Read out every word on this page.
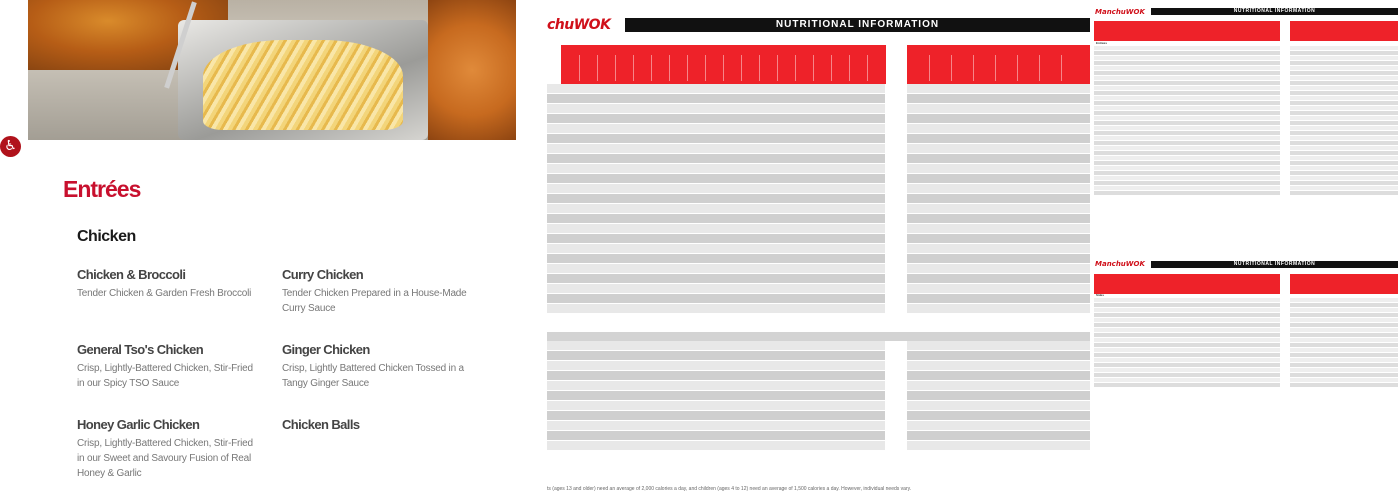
♿
Entrées
Chicken
Chicken & Broccoli
Tender Chicken & Garden Fresh Broccoli
Curry Chicken
Tender Chicken Prepared in a House-Made Curry Sauce
General Tso's Chicken
Crisp, Lightly-Battered Chicken, Stir-Fried in our Spicy TSO Sauce
Ginger Chicken
Crisp, Lightly Battered Chicken Tossed in a Tangy Ginger Sauce
Honey Garlic Chicken
Crisp, Lightly-Battered Chicken, Stir-Fried in our Sweet and Savoury Fusion of Real Honey & Garlic
Chicken Balls
chuWOK	NUTRITIONAL INFORMATION
ts (ages 13 and older) need an average of 2,000 calories a day, and children (ages 4 to 12) need an average of 1,500 calories a day. However, individual needs vary.
ManchuWOK	NUTRITIONAL INFORMATION
Entrées
ManchuWOK	NUTRITIONAL INFORMATION
Sides
